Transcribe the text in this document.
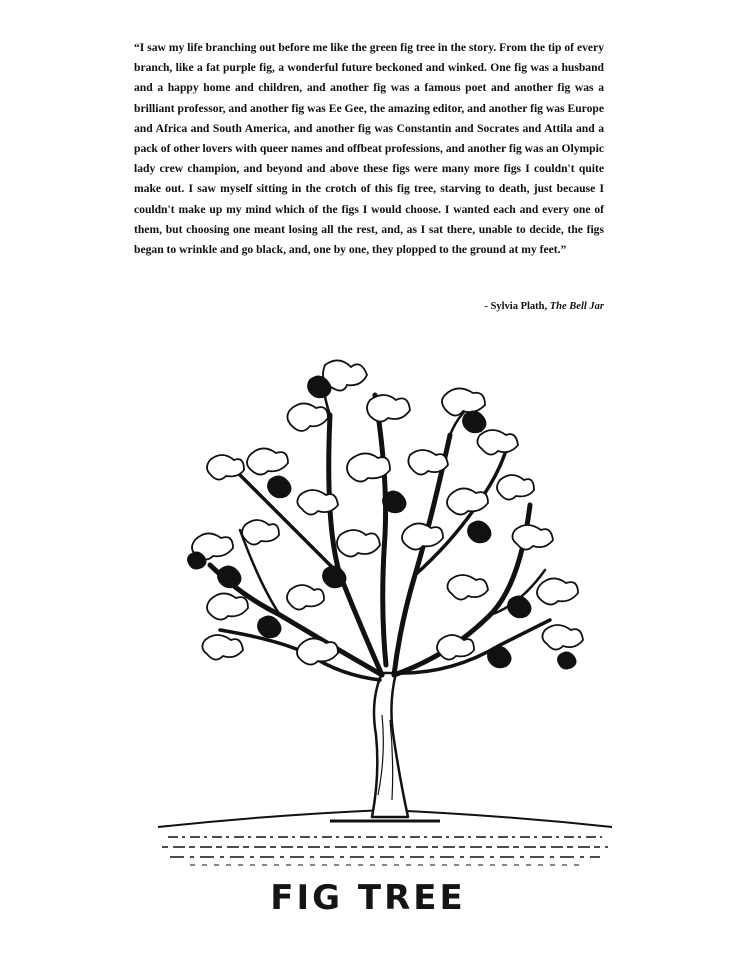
“I saw my life branching out before me like the green fig tree in the story. From the tip of every branch, like a fat purple fig, a wonderful future beckoned and winked. One fig was a husband and a happy home and children, and another fig was a famous poet and another fig was a brilliant professor, and another fig was Ee Gee, the amazing editor, and another fig was Europe and Africa and South America, and another fig was Constantin and Socrates and Attila and a pack of other lovers with queer names and offbeat professions, and another fig was an Olympic lady crew champion, and beyond and above these figs were many more figs I couldn't quite make out. I saw myself sitting in the crotch of this fig tree, starving to death, just because I couldn't make up my mind which of the figs I would choose. I wanted each and every one of them, but choosing one meant losing all the rest, and, as I sat there, unable to decide, the figs began to wrinkle and go black, and, one by one, they plopped to the ground at my feet.”

- Sylvia Plath, The Bell Jar

FIG TREE
